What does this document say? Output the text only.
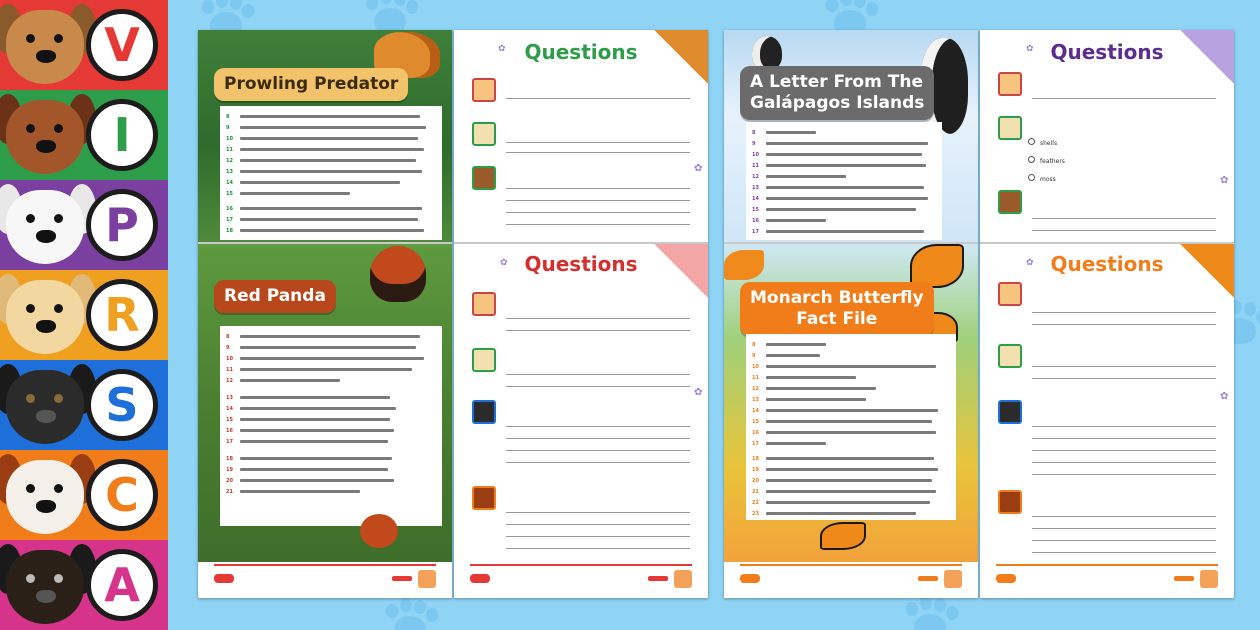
V
I
P
R
S
C
A
Prowling Predator
8
9
10
11
12
13
14
15
16
17
18
Red Panda
8
9
10
11
12
13
14
15
16
17
18
19
20
21
Questions
✿
✿
Questions
✿
✿
A Letter From The
Galápagos Islands
8
9
10
11
12
13
14
15
16
17
Monarch Butterfly
Fact File
8
9
10
11
12
13
14
15
16
17
18
19
20
21
22
23
Questions
✿
shells
feathers
moss	✿
Questions
✿
✿
